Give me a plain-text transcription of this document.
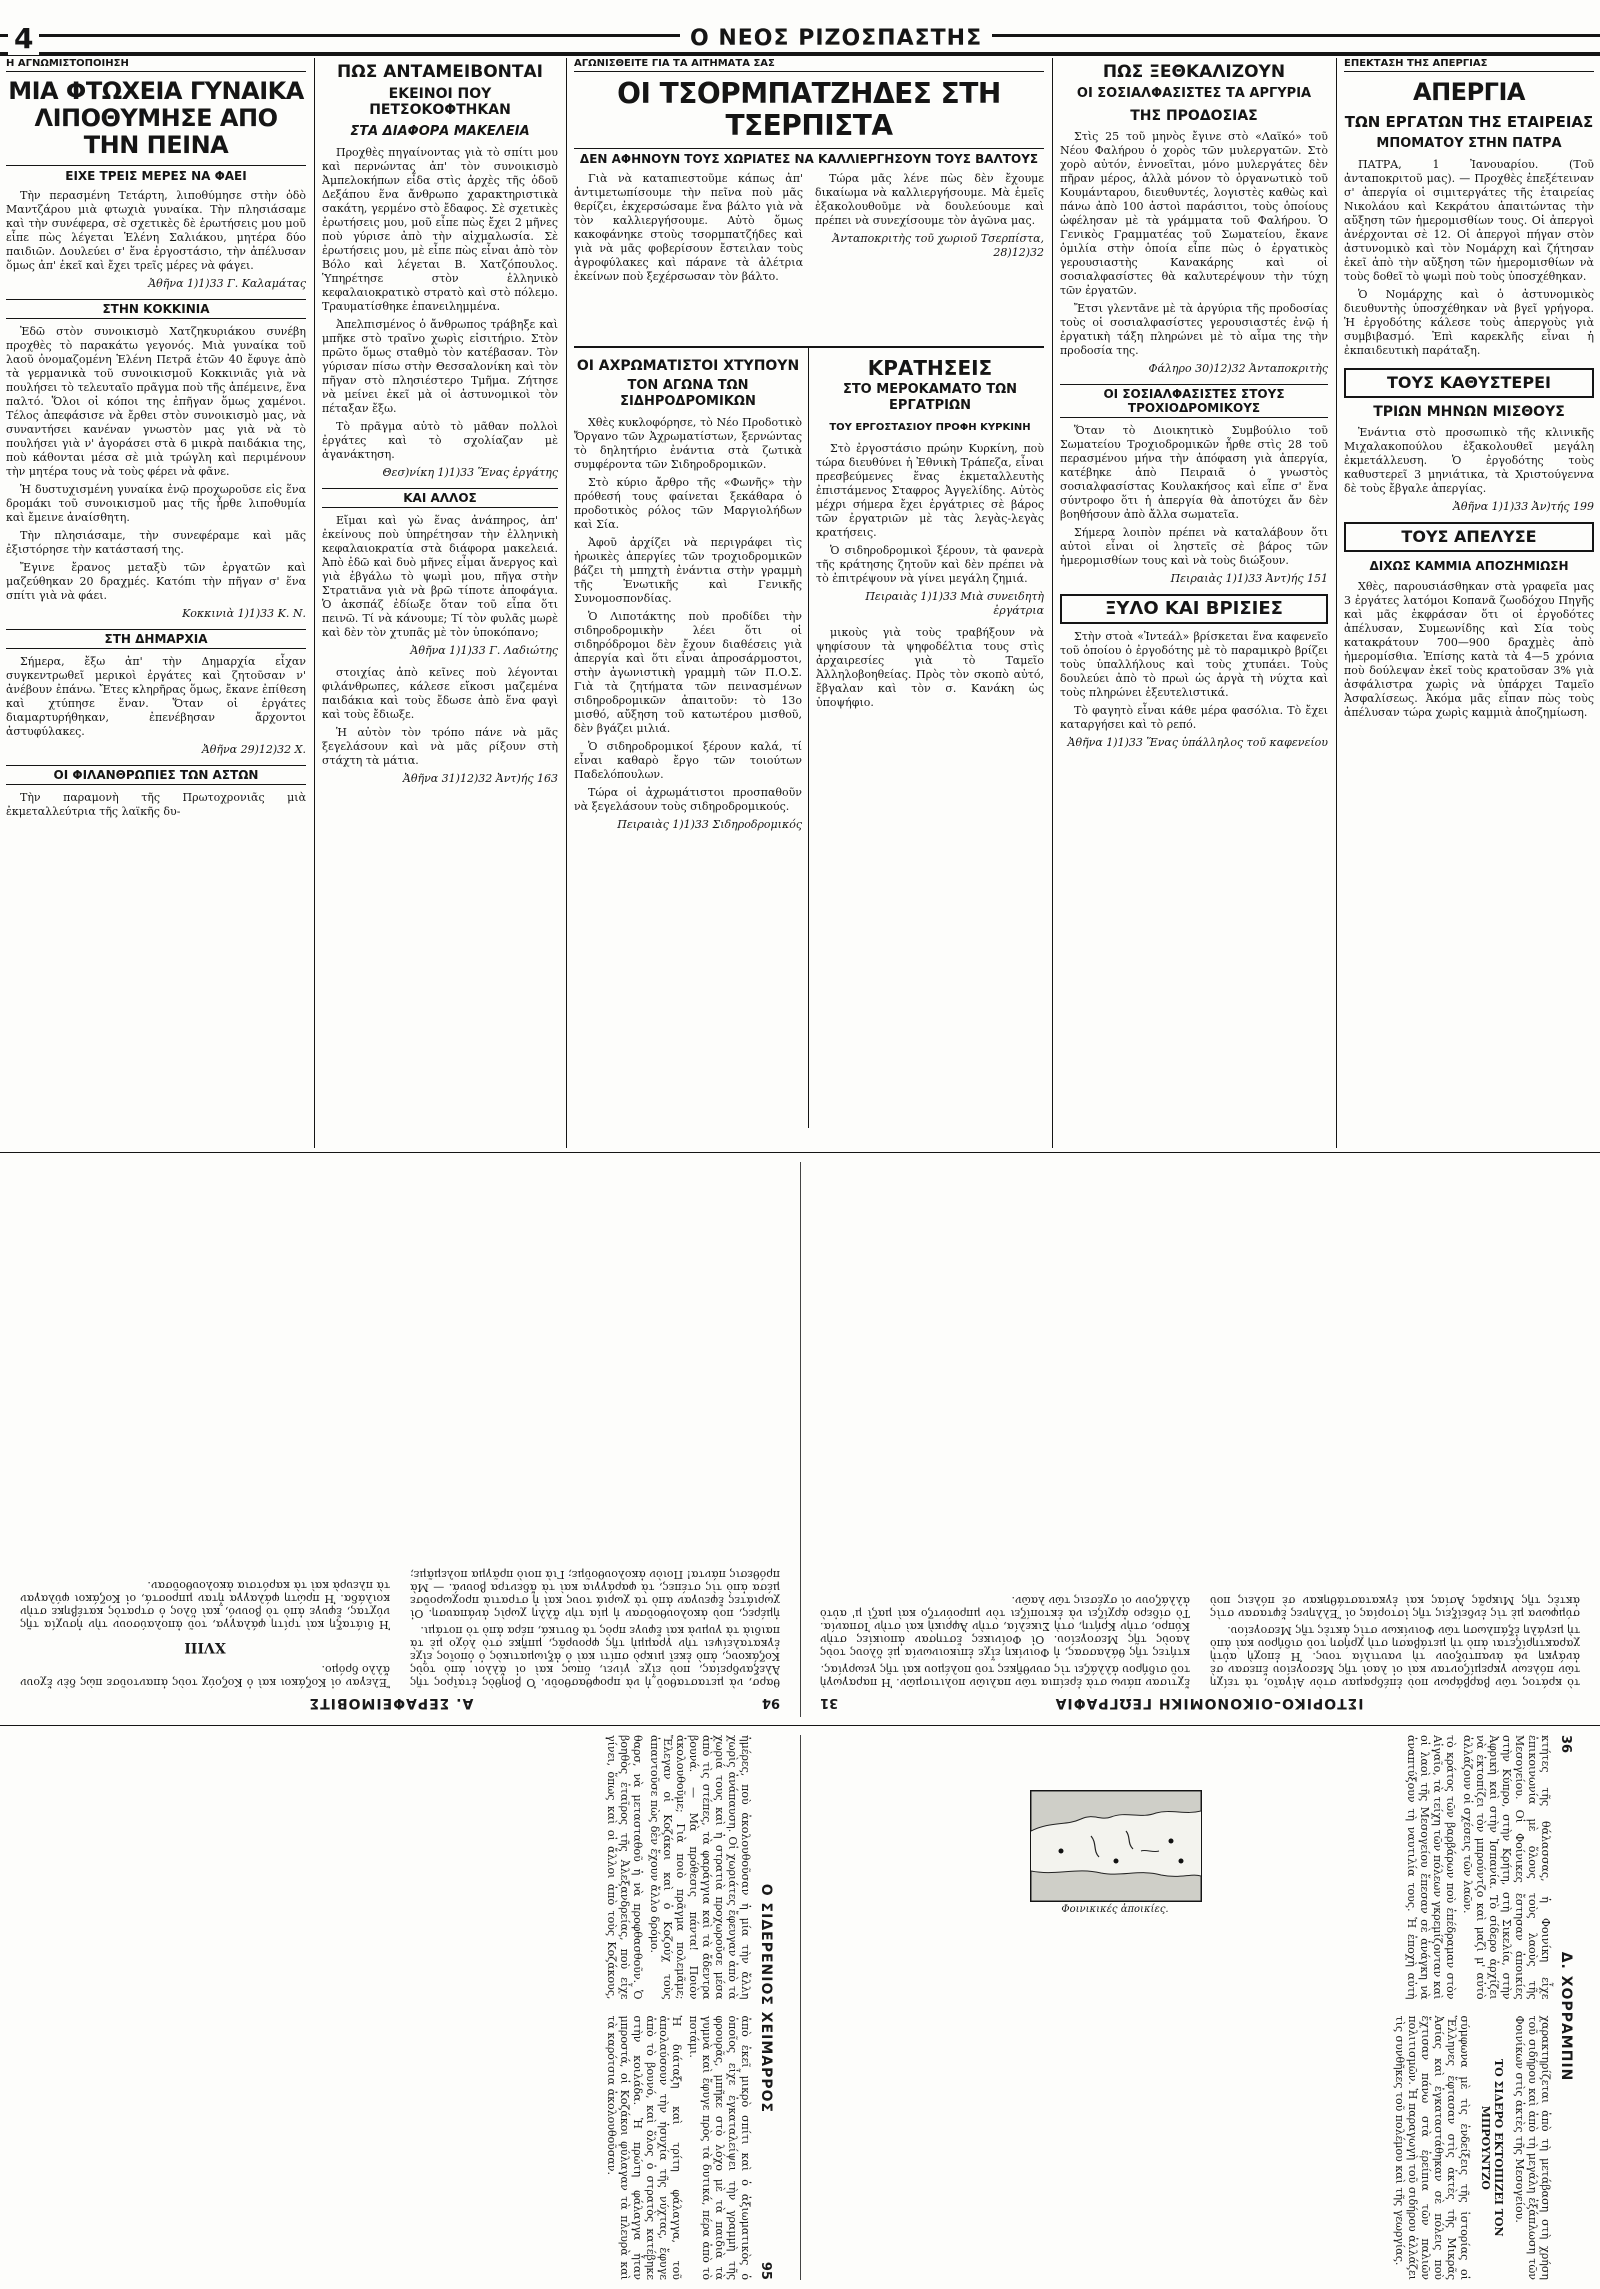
4	Ο ΝΕΟΣ ΡΙΖΟΣΠΑΣΤΗΣ
Η ΑΓΝΩΜΙΣΤΟΠΟΙΗΣΗ
ΜΙΑ ΦΤΩΧΕΙΑ ΓΥΝΑΙΚΑ ΛΙΠΟΘΥΜΗΣΕ ΑΠΟ ΤΗΝ ΠΕΙΝΑ
ΕΙΧΕ ΤΡΕΙΣ ΜΕΡΕΣ ΝΑ ΦΑΕΙ

Τὴν περασμένη Τετάρτη, λιποθύμησε στὴν ὁδὸ Μαντζάρου μιὰ φτωχιὰ γυναίκα. Τὴν πλησιάσαμε καὶ τὴν συνέφερα, σὲ σχετικὲς δὲ ἐρωτήσεις μου μοῦ εἶπε πὼς λέγεται Ἑλένη Σαλιάκου, μητέρα δύο παιδιῶν. Δουλεύει σ' ἕνα ἐργοστάσιο, τὴν ἀπέλυσαν ὅμως ἀπ' ἐκεῖ καὶ ἔχει τρεῖς μέρες νὰ φάγει.

Ἀθῆνα 1)1)33 Γ. Καλαμάτας
ΣΤΗΝ ΚΟΚΚΙΝΙΑ

Ἐδῶ στὸν συνοικισμὸ Χατζηκυριάκου συνέβη προχθὲς τὸ παρακάτω γεγονός. Μιὰ γυναίκα τοῦ λαοῦ ὀνομαζομένη Ἑλένη Πετρᾶ ἐτῶν 40 ἔφυγε ἀπὸ τὰ γερμανικὰ τοῦ συνοικισμοῦ Κοκκινιᾶς γιὰ νὰ πουλήσει τὸ τελευταῖο πρᾶγμα ποὺ τῆς ἀπέμεινε, ἕνα παλτό. Ὅλοι οἱ κόποι της ἐπῆγαν ὅμως χαμένοι. Τέλος ἀπεφάσισε νὰ ἔρθει στὸν συνοικισμὸ μας, νὰ συναντήσει κανέναν γνωστὸν μας γιὰ νὰ τὸ πουλήσει γιὰ ν' ἀγοράσει στὰ 6 μικρὰ παιδάκια της, ποὺ κάθονται μέσα σὲ μιὰ τρώγλη καὶ περιμένουν τὴν μητέρα τους νὰ τοὺς φέρει νὰ φᾶνε.

Ἡ δυστυχισμένη γυναίκα ἐνῷ προχωροῦσε εἰς ἕνα δρομάκι τοῦ συνοικισμοῦ μας τῆς ἦρθε λιποθυμία καὶ ἔμεινε ἀναίσθητη.

Τὴν πλησιάσαμε, τὴν συνεφέραμε καὶ μᾶς ἐξιστόρησε τὴν κατάστασή της.

Ἔγινε ἔρανος μεταξὺ τῶν ἐργατῶν καὶ μαζεύθηκαν 20 δραχμές. Κατόπι τὴν πῆγαν σ' ἕνα σπίτι γιὰ νὰ φάει.

Κοκκινιὰ 1)1)33 Κ. Ν.
ΣΤΗ ΔΗΜΑΡΧΙΑ

Σήμερα, ἔξω ἀπ' τὴν Δημαρχία εἶχαν συγκεντρωθεῖ μερικοὶ ἐργάτες καὶ ζητοῦσαν ν' ἀνέβουν ἐπάνω. Ἔτες κληρῆρας ὅμως, ἔκανε ἐπίθεση καὶ χτύπησε ἕναν. Ὅταν οἱ ἐργάτες διαμαρτυρήθηκαν, ἐπενέβησαν ἄρχοντοι ἀστυφύλακες.

Ἀθῆνα 29)12)32 Χ.
ΟΙ ΦΙΛΑΝΘΡΩΠΙΕΣ ΤΩΝ ΑΣΤΩΝ

Τὴν παραμονὴ τῆς Πρωτοχρονιᾶς μιὰ ἐκμεταλλεύτρια τῆς λαϊκῆς δυ-

ΠΩΣ ΑΝΤΑΜΕΙΒΟΝΤΑΙ
ΕΚΕΙΝΟΙ ΠΟΥ ΠΕΤΣΟΚΟΦΤΗΚΑΝ
ΣΤΑ ΔΙΑΦΟΡΑ ΜΑΚΕΛΕΙΑ

Προχθὲς πηγαίνοντας γιὰ τὸ σπίτι μου καὶ περνώντας ἀπ' τὸν συνοικισμὸ Ἀμπελοκήπων εἶδα στὶς ἀρχὲς τῆς ὁδοῦ Δεξάπου ἕνα ἄνθρωπο χαρακτηριστικὰ σακάτη, γερμένο στὸ ἔδαφος. Σὲ σχετικὲς ἐρωτήσεις μου, μοῦ εἶπε πὼς ἔχει 2 μῆνες ποὺ γύρισε ἀπὸ τὴν αἰχμαλωσία. Σὲ ἐρωτήσεις μου, μὲ εἶπε πὼς εἶναι ἀπὸ τὸν Βόλο καὶ λέγεται Β. Χατζόπουλος. Ὑπηρέτησε στὸν ἑλληνικὸ κεφαλαιοκρατικὸ στρατὸ καὶ στὸ πόλεμο. Τραυματίσθηκε ἐπανειλημμένα.

Ἀπελπισμένος ὁ ἄνθρωπος τράβηξε καὶ μπῆκε στὸ τραῖνο χωρὶς εἰσιτήριο. Στὸν πρῶτο ὅμως σταθμὸ τὸν κατέβασαν. Τὸν γύρισαν πίσω στὴν Θεσσαλονίκη καὶ τὸν πῆγαν στὸ πλησιέστερο Τμῆμα. Ζήτησε νὰ μείνει ἐκεῖ μὰ οἱ ἀστυνομικοὶ τὸν πέταξαν ἔξω.

Τὸ πρᾶγμα αὐτὸ τὸ μᾶθαν πολλοὶ ἐργάτες καὶ τὸ σχολίαζαν μὲ ἀγανάκτηση.

Θεσ)νίκη 1)1)33 Ἕνας ἐργάτης
ΚΑΙ ΑΛΛΟΣ

Εἴμαι καὶ γὼ ἕνας ἀνάπηρος, ἀπ' ἐκείνους ποὺ ὑπηρέτησαν τὴν ἑλληνικὴ κεφαλαιοκρατία στὰ διάφορα μακελειά. Ἀπὸ ἐδῶ καὶ δυὸ μῆνες εἶμαι ἄνεργος καὶ γιὰ ἐβγάλω τὸ ψωμὶ μου, πῆγα στὴν Στρατιᾶνα γιὰ νὰ βρῶ τίποτε ἀποφάγια. Ὁ ἀκσπάζ ἐδίωξε ὅταν τοῦ εἶπα ὅτι πεινῶ. Τί νὰ κάνουμε; Τί τὸν φυλᾶς μωρὲ καὶ δὲν τὸν χτυπᾶς μὲ τὸν ὑποκόπανο;

Ἀθῆνα 1)1)33 Γ. Λαδιώτης

στοιχίας ἀπὸ κεῖνες ποὺ λέγονται φιλάνθρωπες, κάλεσε εἴκοσι μαζεμένα παιδάκια καὶ τοὺς ἔδωσε ἀπὸ ἕνα φαγὶ καὶ τοὺς ἔδιωξε.

Ἡ αὐτὸν τὸν τρόπο πάνε νὰ μᾶς ξεγελάσουν καὶ νὰ μᾶς ρίξουν στὴ στάχτη τὰ μάτια.

Ἀθῆνα 31)12)32 Ἀντ)ής 163
ΑΓΩΝΙΣΘΕΙΤΕ ΓΙΑ ΤΑ ΑΙΤΗΜΑΤΑ ΣΑΣ
ΟΙ ΤΣΟΡΜΠΑΤΖΗΔΕΣ ΣΤΗ ΤΣΕΡΠΙΣΤΑ
ΔΕΝ ΑΦΗΝΟΥΝ ΤΟΥΣ ΧΩΡΙΑΤΕΣ ΝΑ ΚΑΛΛΙΕΡΓΗΣΟΥΝ ΤΟΥΣ ΒΑΛΤΟΥΣ

Γιὰ νὰ καταπιεστοῦμε κάπως ἀπ' ἀντιμετωπίσουμε τὴν πεῖνα ποὺ μᾶς θερίζει, ἐκχερσώσαμε ἕνα βάλτο γιὰ νὰ τὸν καλλιεργήσουμε. Αὐτὸ ὅμως κακοφάνηκε στοὺς τσορμπατζήδες καὶ γιὰ νὰ μᾶς φοβερίσουν ἔστειλαν τοὺς ἀγροφύλακες καὶ πάρανε τὰ ἀλέτρια ἐκείνων ποὺ ξεχέρσωσαν τὸν βάλτο.

Τώρα μᾶς λένε πὼς δὲν ἔχουμε δικαίωμα νὰ καλλιεργήσουμε. Μὰ ἐμεῖς ἐξακολουθοῦμε νὰ δουλεύουμε καὶ πρέπει νὰ συνεχίσουμε τὸν ἀγῶνα μας.

Ἀνταποκριτὴς τοῦ χωριοῦ Τσερπίστα, 28)12)32
ΟΙ ΑΧΡΩΜΑΤΙΣΤΟΙ ΧΤΥΠΟΥΝ
ΤΟΝ ΑΓΩΝΑ ΤΩΝ ΣΙΔΗΡΟΔΡΟΜΙΚΩΝ

Χθὲς κυκλοφόρησε, τὸ Νέο Προδοτικὸ Ὄργανο τῶν Ἀχρωματίστων, ξερνώντας τὸ δηλητήριο ἐνάντια στὰ ζωτικὰ συμφέροντα τῶν Σιδηροδρομικῶν.

Στὸ κύριο ἄρθρο τῆς «Φωνῆς» τὴν πρόθεσή τους φαίνεται ξεκάθαρα ὁ προδοτικὸς ρόλος τῶν Μαργιολήδων καὶ Σία.

Ἀφοῦ ἀρχίζει νὰ περιγράφει τὶς ἡρωικὲς ἀπεργίες τῶν τροχιοδρομικῶν βάζει τὴ μπηχτὴ ἐνάντια στὴν γραμμὴ τῆς Ἑνωτικῆς καὶ Γενικῆς Συνομοσπονδίας.

Ὁ Λιποτάκτης ποὺ προδίδει τὴν σιδηροδρομικὴν λέει ὅτι οἱ σιδηρόδρομοι δὲν ἔχουν διαθέσεις γιὰ ἀπεργία καὶ ὅτι εἶναι ἀπροσάρμοστοι, στὴν ἀγωνιστικὴ γραμμὴ τῶν Π.Ο.Σ. Γιὰ τὰ ζητήματα τῶν πεινασμένων σιδηροδρομικῶν ἀπαιτοῦν: τὸ 13ο μισθό, αὔξηση τοῦ κατωτέρου μισθοῦ, δὲν βγάζει μιλιά.

Ὁ σιδηροδρομικοί ξέρουν καλά, τί εἶναι καθαρὸ ἔργο τῶν τοιούτων Παδελόπουλων.

Τώρα οἱ ἀχρωμάτιστοι προσπαθοῦν νὰ ξεγελάσουν τοὺς σιδηροδρομικούς.

Πειραιὰς 1)1)33 Σιδηροδρομικός
ΚΡΑΤΗΣΕΙΣ
ΣΤΟ ΜΕΡΟΚΑΜΑΤΟ ΤΩΝ ΕΡΓΑΤΡΙΩΝ
ΤΟΥ ΕΡΓΟΣΤΑΣΙΟΥ ΠΡΟΦΗ ΚΥΡΚΙΝΗ

Στὸ ἐργοστάσιο πρώην Κυρκίνη, ποὺ τώρα διευθύνει ἡ Ἐθνικὴ Τράπεζα, εἶναι πρεσβεύμενες ἕνας ἐκμεταλλευτὴς ἐπιστάμενος Σταφρος Ἀγγελίδης. Αὐτὸς μέχρι σήμερα ἔχει ἐργάτριες σὲ βάρος τῶν ἐργατριῶν μὲ τὰς λεγὰς-λεγὰς κρατήσεις.

Ὁ σιδηροδρομικοὶ ξέρουν, τὰ φανερὰ τῆς κράτησης ζητοῦν καὶ δὲν πρέπει νὰ τὸ ἐπιτρέψουν νὰ γίνει μεγάλη ζημιά.

Πειραιὰς 1)1)33 Μιὰ συνειδητὴ ἐργάτρια

μικοὺς γιὰ τοὺς τραβήξουν νὰ ψηφίσουν τὰ ψηφοδέλτια τους στὶς ἀρχαιρεσίες γιὰ τὸ Ταμεῖο Ἀλληλοβοηθείας. Πρὸς τὸν σκοπὸ αὐτό, ἔβγαλαν καὶ τὸν σ. Κανάκη ὡς ὑποψήφιο.

ΠΩΣ ΞΕΘΚΑΛΙΖΟΥΝ
ΟΙ ΣΟΣΙΑΛΦΑΣΙΣΤΕΣ ΤΑ ΑΡΓΥΡΙΑ
ΤΗΣ ΠΡΟΔΟΣΙΑΣ

Στὶς 25 τοῦ μηνὸς ἔγινε στὸ «Λαϊκό» τοῦ Νέου Φαλήρου ὁ χορὸς τῶν μυλεργατῶν. Στὸ χορὸ αὐτόν, ἐννοεῖται, μόνο μυλεργάτες δὲν πῆραν μέρος, ἀλλὰ μόνον τὸ ὀργανωτικὸ τοῦ Κουμάνταρου, διευθυντές, λογιστὲς καθὼς καὶ πάνω ἀπὸ 100 ἀστοὶ παράσιτοι, τοὺς ὁποίους ὠφέλησαν μὲ τὰ γράμματα τοῦ Φαλήρου. Ὁ Γενικὸς Γραμματέας τοῦ Σωματείου, ἔκανε ὁμιλία στὴν ὁποία εἶπε πὼς ὁ ἐργατικὸς γερουσιαστὴς Κανακάρης καὶ οἱ σοσιαλφασίστες θὰ καλυτερέψουν τὴν τύχη τῶν ἐργατῶν.

Ἔτσι γλεντᾶνε μὲ τὰ ἀργύρια τῆς προδοσίας τοὺς οἱ σοσιαλφασίστες γερουσιαστές ἐνῷ ἡ ἐργατικὴ τάξη πληρώνει μὲ τὸ αἷμα της τὴν προδοσία της.

Φάληρο 30)12)32 Ἀνταποκριτὴς
ΟΙ ΣΟΣΙΑΛΦΑΣΙΣΤΕΣ ΣΤΟΥΣ ΤΡΟΧΙΟΔΡΟΜΙΚΟΥΣ

Ὅταν τὸ Διοικητικὸ Συμβούλιο τοῦ Σωματείου Τροχιοδρομικῶν ἦρθε στὶς 28 τοῦ περασμένου μήνα τὴν ἀπόφαση γιὰ ἀπεργία, κατέβηκε ἀπὸ Πειραιᾶ ὁ γνωστὸς σοσιαλφασίστας Κουλακήσος καὶ εἶπε σ' ἕνα σύντροφο ὅτι ἡ ἀπεργία θὰ ἀποτύχει ἄν δὲν βοηθήσουν ἀπὸ ἄλλα σωματεῖα.

Σήμερα λοιπὸν πρέπει νὰ καταλάβουν ὅτι αὐτοὶ εἶναι οἱ ληστεῖς σὲ βάρος τῶν ἡμερομισθίων τους καὶ νὰ τοὺς διώξουν.

Πειραιὰς 1)1)33 Ἀντ)ής 151
ΞΥΛΟ ΚΑΙ ΒΡΙΣΙΕΣ

Στὴν στοὰ «Ἰντεάλ» βρίσκεται ἕνα καφενεῖο τοῦ ὁποίου ὁ ἐργοδότης μὲ τὸ παραμικρὸ βρίζει τοὺς ὑπαλλήλους καὶ τοὺς χτυπάει. Τοὺς δουλεύει ἀπὸ τὸ πρωὶ ὡς ἀργὰ τὴ νύχτα καὶ τοὺς πληρώνει ἐξευτελιστικά.

Τὸ φαγητὸ εἶναι κάθε μέρα φασόλια. Τὸ ἔχει καταργήσει καὶ τὸ ρεπό.

Ἀθῆνα 1)1)33 Ἕνας ὑπάλληλος τοῦ καφενείου
ΕΠΕΚΤΑΣΗ ΤΗΣ ΑΠΕΡΓΙΑΣ
ΑΠΕΡΓΙΑ
ΤΩΝ ΕΡΓΑΤΩΝ ΤΗΣ ΕΤΑΙΡΕΙΑΣ
ΜΠΟΜΑΤΟΥ ΣΤΗΝ ΠΑΤΡΑ

ΠΑΤΡΑ, 1 Ἰανουαρίου. (Τοῦ ἀνταποκριτοῦ μας). — Προχθὲς ἐπεξέτειναν σ' ἀπεργία οἱ σιμιτεργάτες τῆς ἑταιρείας Νικολάου καὶ Κεκράτου ἀπαιτώντας τὴν αὔξηση τῶν ἡμερομισθίων τους. Οἱ ἀπεργοὶ ἀνέρχονται σὲ 12. Οἱ ἀπεργοὶ πήγαν στὸν ἀστυνομικὸ καὶ τὸν Νομάρχη καὶ ζήτησαν ἐκεῖ ἀπὸ τὴν αὔξηση τῶν ἡμερομισθίων νὰ τοὺς δοθεῖ τὸ ψωμὶ ποὺ τοὺς ὑποσχέθηκαν.

Ὁ Νομάρχης καὶ ὁ ἀστυνομικὸς διευθυντὴς ὑποσχέθηκαν νὰ βγεῖ γρήγορα. Ἡ ἐργοδότης κάλεσε τοὺς ἀπεργοὺς γιὰ συμβιβασμό. Ἐπὶ καρεκλῆς εἶναι ἡ ἐκπαιδευτικὴ παράταξη.

ΤΟΥΣ ΚΑΘΥΣΤΕΡΕΙ
ΤΡΙΩΝ ΜΗΝΩΝ ΜΙΣΘΟΥΣ

Ἐνάντια στὸ προσωπικὸ τῆς κλινικῆς Μιχαλακοπούλου ἐξακολουθεῖ μεγάλη ἐκμετάλλευση. Ὁ ἐργοδότης τοὺς καθυστερεῖ 3 μηνιάτικα, τὰ Χριστούγεννα δὲ τοὺς ἔβγαλε ἀπεργίας.

Ἀθῆνα 1)1)33 Ἀν)τής 199
ΤΟΥΣ ΑΠΕΛΥΣΕ
ΔΙΧΩΣ ΚΑΜΜΙΑ ΑΠΟΖΗΜΙΩΣΗ

Χθὲς, παρουσιάσθηκαν στὰ γραφεῖα μας 3 ἐργάτες λατόμοι Κοπανᾶ ζωοδόχου Πηγῆς καὶ μᾶς ἐκφράσαν ὅτι οἱ ἐργοδότες ἀπέλυσαν, Συμεωνίδης καὶ Σία τοὺς κατακράτουν 700—900 δραχμὲς ἀπὸ ἡμερομίσθια. Ἐπίσης κατὰ τὰ 4—5 χρόνια ποὺ δούλεψαν ἐκεῖ τοὺς κρατοῦσαν 3% γιὰ ἀσφάλιστρα χωρὶς νὰ ὑπάρχει Ταμεῖο Ἀσφαλίσεως. Ἀκόμα μᾶς εἶπαν πὼς τοὺς ἀπέλυσαν τώρα χωρὶς καμμιὰ ἀποζημίωση.

94
Α. ΣΕΡΑΦΕΙΜΟΒΙΤΣ

θαρσ, νὰ μετασταθοῦ ἡ νὰ προφθασθοῦν. Ὁ βοηθὸς ἑταῖρος τῆς Ἀλεξανδρείας, ποὺ εἶχε γίνει, ὅπως καὶ οἱ ἄλλοι ἀπὸ τοὺς Κοζάκους, ἀπὸ ἐκεῖ μικρὸ σπίτι καὶ ὁ ἀξιωματικὸς ὁ ὁποῖος εἶχε ἐγκαταλείψει τὴν γραμμὴ τῆς φρουρᾶς, μπῆκε στὸ λόχο μὲ τὰ παιδιὰ τὰ γυμνὰ καὶ ἔφυγε πρὸς τὰ δυτικά, πέρα ἀπὸ τὸ ποτάμι.

ἡμέρες, ποὺ ἀκολουθοῦσαν ἡ μία τὴν ἄλλη χωρὶς ἀνάπαυση. Οἱ χωριάτες ἔφευγαν ἀπὸ τὰ χωριά τους καὶ ἡ στρατιὰ προχωροῦσε μέσα ἀπὸ τὶς στέπες, τὰ φαράγγια καὶ τὰ ἄδεντρα βουνά. — Μὰ πρόθεσις πάντα! Ποιὸν ἀκολουθοῦμε; Γιὰ ποιὸ πρᾶγμα πολεμᾶμε; Ἔλεγαν οἱ Κοζάκοι καὶ ὁ Κοζούχ τοὺς ἀπαντοῦσε πὼς δὲν ἔχουν ἄλλο δρόμο.

XVIII

Ἡ διάταξη καὶ τρίτη φάλαγγα, τοῦ ἀπολαύσουν τὴν ἡσυχία τῆς νύχτας, ἔφυγε ἀπὸ τὸ βουνό, καὶ ὅλος ὁ στρατὸς κατέβηκε στὴν κοιλάδα. Ἡ πρώτη φάλαγγα ἦταν μπροστά, οἱ Κοζάκοι φύλαγαν τὰ πλευρὰ καὶ τὰ καρότσια ἀκολουθοῦσαν.

ΙΣΤΟΡΙΚΟ–ΟΙΚΟΝΟΜΙΚΗ ΓΕΩΓΡΑΦΙΑ
31

τὸ κράτος τῶν βαρβάρων ποὺ ἐπέδραμαν στὸν Αἰγαῖο, τὰ τείχη τῶν πόλεων γκρεμίζονταν καὶ οἱ λαοὶ τῆς Μεσογείου ἔπεσαν σὲ ἀνάγκη νὰ ἀναπτύξουν τὴ ναυτιλία τους. Ἡ ἐποχὴ αὐτὴ χαρακτηρίζεται ἀπὸ τὴ μετάβαση στὴ χρήση τοῦ σιδήρου καὶ ἀπὸ τὴ μεγάλη ἐξάπλωση τῶν Φοινίκων στὶς ἀκτὲς τῆς Μεσογείου.

σύμφωνα μὲ τὶς ἐνδείξεις τῆς ἱστορίας οἱ Ἕλληνες ἔφτασαν στὶς ἀκτὲς τῆς Μικρᾶς Ἀσίας καὶ ἐγκαταστάθηκαν σὲ πόλεις ποὺ ἔχτισαν πάνω στὰ ἐρείπια τῶν παλιῶν πολιτισμῶν. Ἡ παραγωγὴ τοῦ σιδήρου ἀλλάζει τὶς συνθῆκες τοῦ πολέμου καὶ τῆς γεωργίας.

κτήτες τῆς θάλασσας, ἡ Φοινίκη εἶχε ἐπικοινωνία μὲ ὅλους τοὺς λαοὺς τῆς Μεσογείου. Οἱ Φοίνικες ἔστησαν ἀποικίες στὴν Κύπρο, στὴν Κρήτη, στὴ Σικελία, στὴν Ἀφρικὴ καὶ στὴν Ἰσπανία. Τὸ σίδερο ἀρχίζει νὰ ἐκτοπίζει τὸν μπρούντζο καὶ μαζὶ μ' αὐτὸ ἀλλάζουν οἱ σχέσεις τῶν λαῶν.

Ο ΣΙΔΕΡΕΝΙΟΣ ΧΕΙΜΑΡΡΟΣ
95

ἡμέρες, ποὺ ἀκολουθοῦσαν ἡ μία τὴν ἄλλη χωρὶς ἀνάπαυση. Οἱ χωριάτες ἔφευγαν ἀπὸ τὰ χωριά τους καὶ ἡ στρατιὰ προχωροῦσε μέσα ἀπὸ τὶς στέπες, τὰ φαράγγια καὶ τὰ ἄδεντρα βουνά. — Μὰ πρόθεσις πάντα! Ποιὸν ἀκολουθοῦμε; Γιὰ ποιὸ πρᾶγμα πολεμᾶμε; Ἔλεγαν οἱ Κοζάκοι καὶ ὁ Κοζούχ τοὺς ἀπαντοῦσε πὼς δὲν ἔχουν ἄλλο δρόμο.

θαρσ, νὰ μετασταθοῦ ἡ νὰ προφθασθοῦν. Ὁ βοηθὸς ἑταῖρος τῆς Ἀλεξανδρείας, ποὺ εἶχε γίνει, ὅπως καὶ οἱ ἄλλοι ἀπὸ τοὺς Κοζάκους, ἀπὸ ἐκεῖ μικρὸ σπίτι καὶ ὁ ἀξιωματικὸς ὁ ὁποῖος εἶχε ἐγκαταλείψει τὴν γραμμὴ τῆς φρουρᾶς, μπῆκε στὸ λόχο μὲ τὰ παιδιὰ τὰ γυμνὰ καὶ ἔφυγε πρὸς τὰ δυτικά, πέρα ἀπὸ τὸ ποτάμι.

Ἡ διάταξη καὶ τρίτη φάλαγγα, τοῦ ἀπολαύσουν τὴν ἡσυχία τῆς νύχτας, ἔφυγε ἀπὸ τὸ βουνό, καὶ ὅλος ὁ στρατὸς κατέβηκε στὴν κοιλάδα. Ἡ πρώτη φάλαγγα ἦταν μπροστά, οἱ Κοζάκοι φύλαγαν τὰ πλευρὰ καὶ τὰ καρότσια ἀκολουθοῦσαν.

36
Δ. ΧΟΡΡΑΜΠΙΝ

κτήτες τῆς θάλασσας, ἡ Φοινίκη εἶχε ἐπικοινωνία μὲ ὅλους τοὺς λαοὺς τῆς Μεσογείου. Οἱ Φοίνικες ἔστησαν ἀποικίες στὴν Κύπρο, στὴν Κρήτη, στὴ Σικελία, στὴν Ἀφρικὴ καὶ στὴν Ἰσπανία. Τὸ σίδερο ἀρχίζει νὰ ἐκτοπίζει τὸν μπρούντζο καὶ μαζὶ μ' αὐτὸ ἀλλάζουν οἱ σχέσεις τῶν λαῶν.

τὸ κράτος τῶν βαρβάρων ποὺ ἐπέδραμαν στὸν Αἰγαῖο, τὰ τείχη τῶν πόλεων γκρεμίζονταν καὶ οἱ λαοὶ τῆς Μεσογείου ἔπεσαν σὲ ἀνάγκη νὰ ἀναπτύξουν τὴ ναυτιλία τους. Ἡ ἐποχὴ αὐτὴ χαρακτηρίζεται ἀπὸ τὴ μετάβαση στὴ χρήση τοῦ σιδήρου καὶ ἀπὸ τὴ μεγάλη ἐξάπλωση τῶν Φοινίκων στὶς ἀκτὲς τῆς Μεσογείου.

ΤΟ ΣΙΔΕΡΟ ΕΚΤΟΠΙΖΕΙ ΤΟΝ ΜΠΡΟΥΝΤΖΟ

σύμφωνα μὲ τὶς ἐνδείξεις τῆς ἱστορίας οἱ Ἕλληνες ἔφτασαν στὶς ἀκτὲς τῆς Μικρᾶς Ἀσίας καὶ ἐγκαταστάθηκαν σὲ πόλεις ποὺ ἔχτισαν πάνω στὰ ἐρείπια τῶν παλιῶν πολιτισμῶν. Ἡ παραγωγὴ τοῦ σιδήρου ἀλλάζει τὶς συνθῆκες τοῦ πολέμου καὶ τῆς γεωργίας.

Φοινικικές ἀποικίες.
